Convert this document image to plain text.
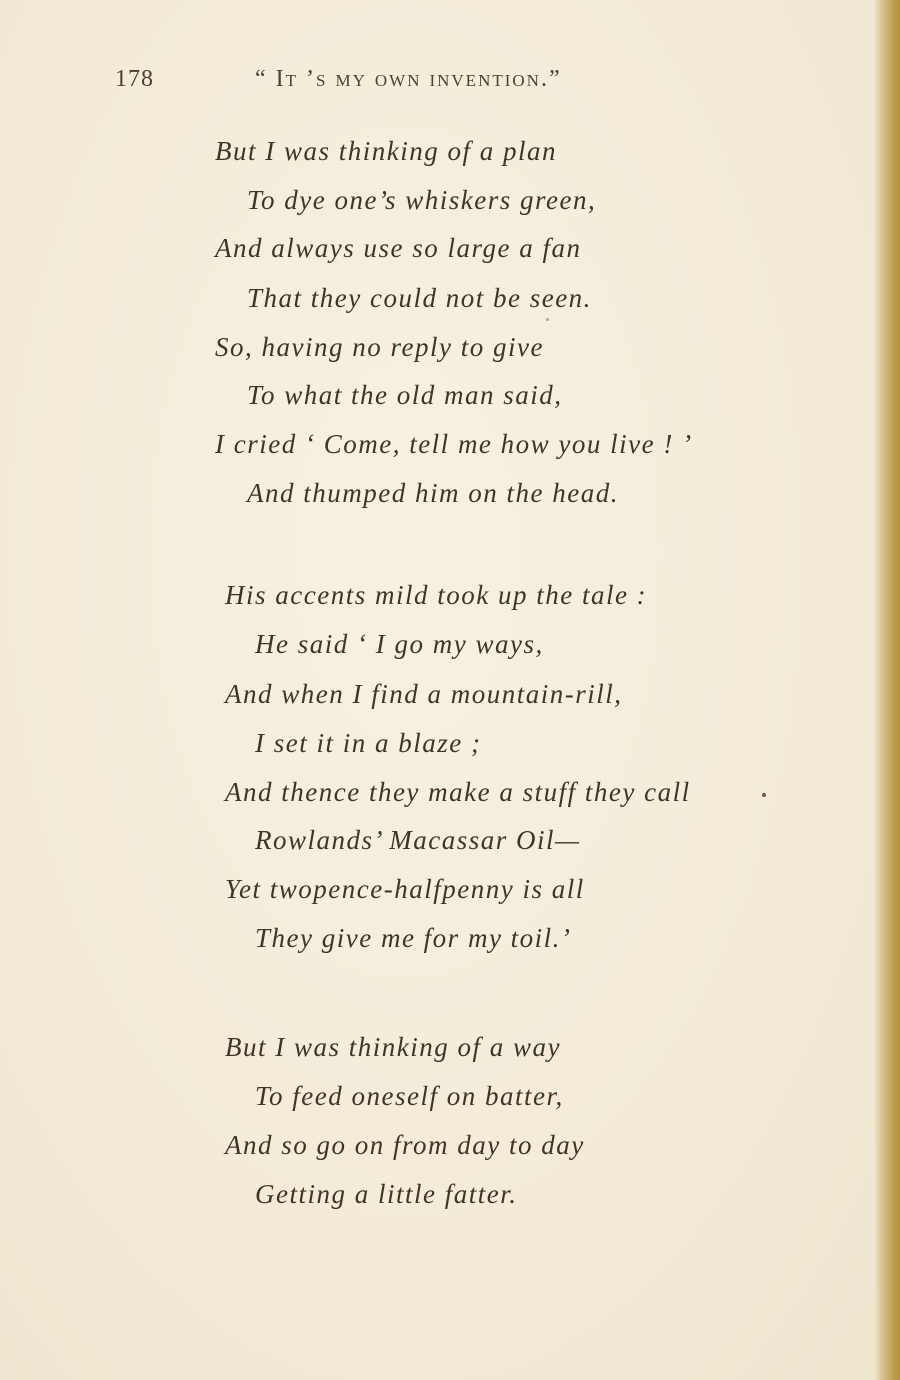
178	“ It ’s my own invention.”
But I was thinking of a plan
To dye one’s whiskers green,
And always use so large a fan
That they could not be seen.
So, having no reply to give
To what the old man said,
I cried ‘ Come, tell me how you live ! ’
And thumped him on the head.
His accents mild took up the tale :
He said ‘ I go my ways,
And when I find a mountain-rill,
I set it in a blaze ;
And thence they make a stuff they call
Rowlands’ Macassar Oil—
Yet twopence-halfpenny is all
They give me for my toil.’
But I was thinking of a way
To feed oneself on batter,
And so go on from day to day
Getting a little fatter.
